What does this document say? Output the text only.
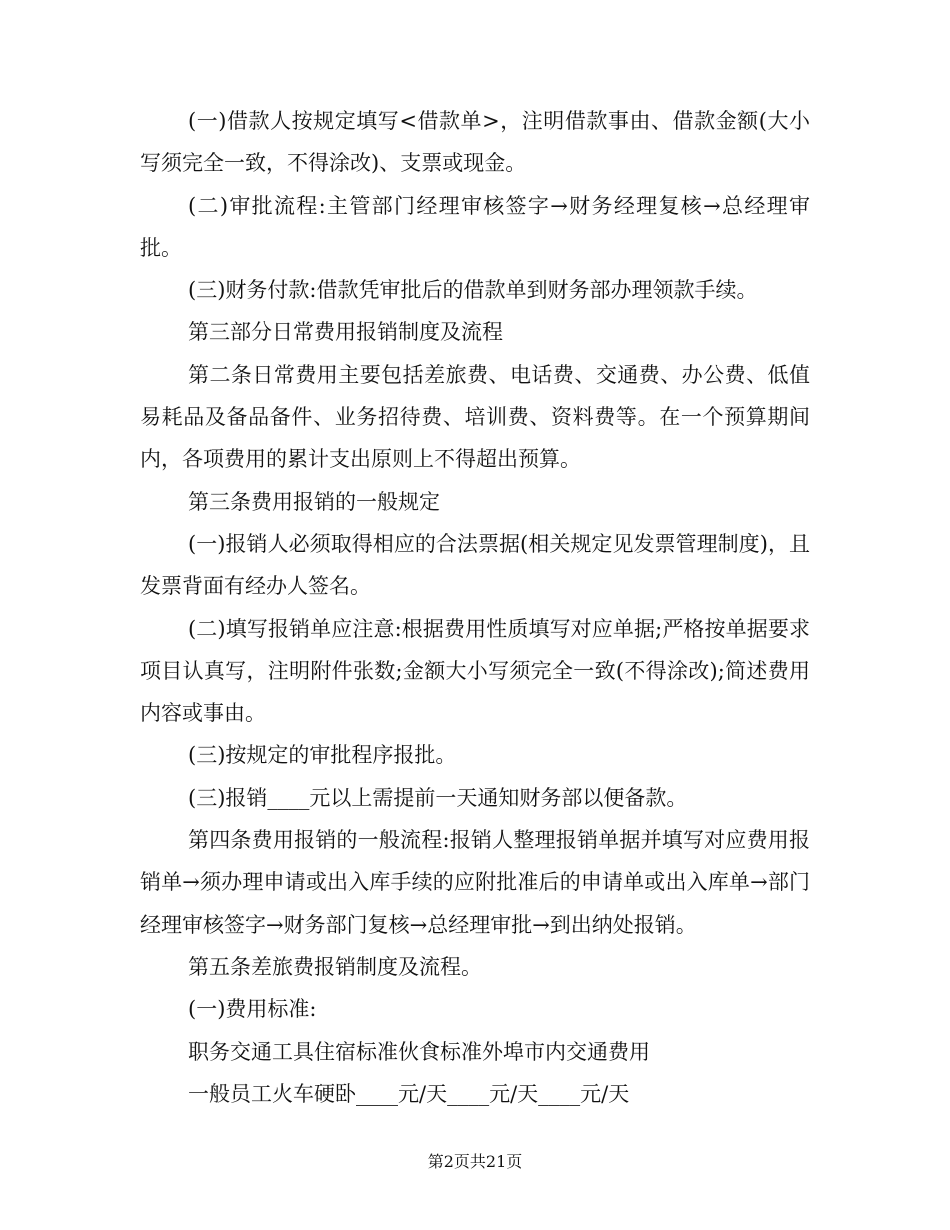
(一)借款人按规定填写<借款单>，注明借款事由、借款金额(大小写须完全一致，不得涂改)、支票或现金。

(二)审批流程:主管部门经理审核签字→财务经理复核→总经理审批。

(三)财务付款:借款凭审批后的借款单到财务部办理领款手续。

第三部分日常费用报销制度及流程

第二条日常费用主要包括差旅费、电话费、交通费、办公费、低值易耗品及备品备件、业务招待费、培训费、资料费等。在一个预算期间内，各项费用的累计支出原则上不得超出预算。

第三条费用报销的一般规定

(一)报销人必须取得相应的合法票据(相关规定见发票管理制度)，且发票背面有经办人签名。

(二)填写报销单应注意:根据费用性质填写对应单据;严格按单据要求项目认真写，注明附件张数;金额大小写须完全一致(不得涂改);简述费用内容或事由。

(三)按规定的审批程序报批。

(三)报销____元以上需提前一天通知财务部以便备款。

第四条费用报销的一般流程:报销人整理报销单据并填写对应费用报销单→须办理申请或出入库手续的应附批准后的申请单或出入库单→部门经理审核签字→财务部门复核→总经理审批→到出纳处报销。

第五条差旅费报销制度及流程。

(一)费用标准:

职务交通工具住宿标准伙食标准外埠市内交通费用

一般员工火车硬卧____元/天____元/天____元/天

第2页共21页
